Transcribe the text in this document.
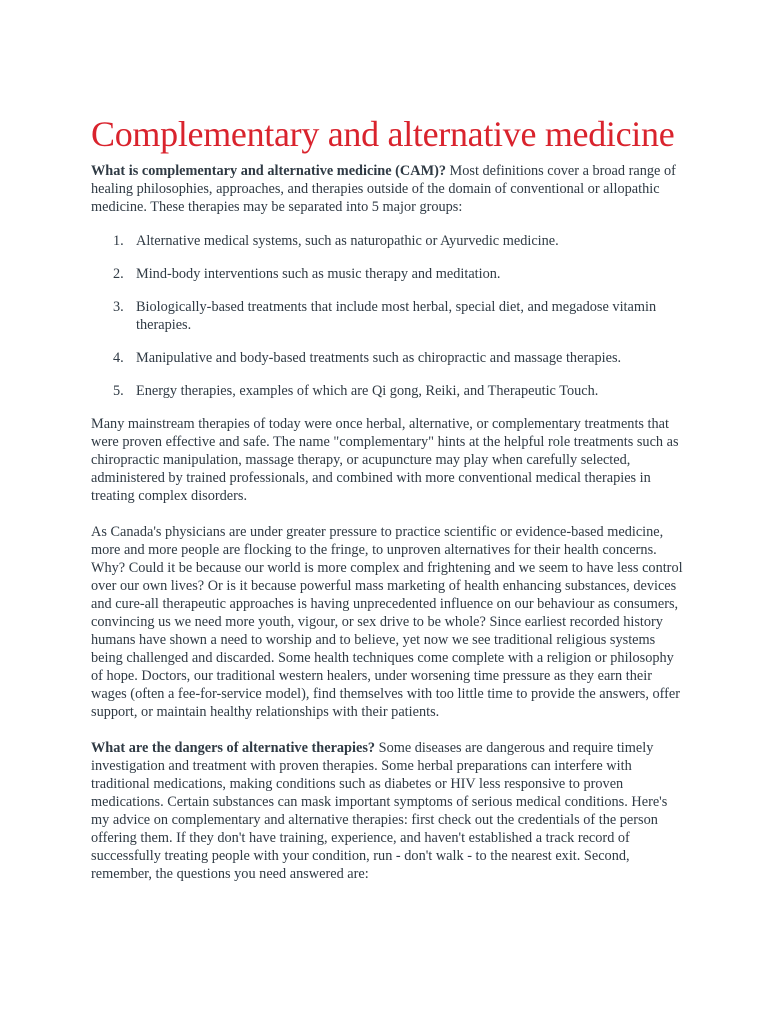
Complementary and alternative medicine

What is complementary and alternative medicine (CAM)? Most definitions cover a broad range of healing philosophies, approaches, and therapies outside of the domain of conventional or allopathic medicine. These therapies may be separated into 5 major groups:

1. Alternative medical systems, such as naturopathic or Ayurvedic medicine.
2. Mind-body interventions such as music therapy and meditation.
3. Biologically-based treatments that include most herbal, special diet, and megadose vitamin therapies.
4. Manipulative and body-based treatments such as chiropractic and massage therapies.
5. Energy therapies, examples of which are Qi gong, Reiki, and Therapeutic Touch.

Many mainstream therapies of today were once herbal, alternative, or complementary treatments that were proven effective and safe. The name "complementary" hints at the helpful role treatments such as chiropractic manipulation, massage therapy, or acupuncture may play when carefully selected, administered by trained professionals, and combined with more conventional medical therapies in treating complex disorders.

As Canada's physicians are under greater pressure to practice scientific or evidence-based medicine, more and more people are flocking to the fringe, to unproven alternatives for their health concerns. Why? Could it be because our world is more complex and frightening and we seem to have less control over our own lives? Or is it because powerful mass marketing of health enhancing substances, devices and cure-all therapeutic approaches is having unprecedented influence on our behaviour as consumers, convincing us we need more youth, vigour, or sex drive to be whole? Since earliest recorded history humans have shown a need to worship and to believe, yet now we see traditional religious systems being challenged and discarded. Some health techniques come complete with a religion or philosophy of hope. Doctors, our traditional western healers, under worsening time pressure as they earn their wages (often a fee-for-service model), find themselves with too little time to provide the answers, offer support, or maintain healthy relationships with their patients.

What are the dangers of alternative therapies? Some diseases are dangerous and require timely investigation and treatment with proven therapies. Some herbal preparations can interfere with traditional medications, making conditions such as diabetes or HIV less responsive to proven medications. Certain substances can mask important symptoms of serious medical conditions. Here's my advice on complementary and alternative therapies: first check out the credentials of the person offering them. If they don't have training, experience, and haven't established a track record of successfully treating people with your condition, run - don't walk - to the nearest exit. Second, remember, the questions you need answered are:
